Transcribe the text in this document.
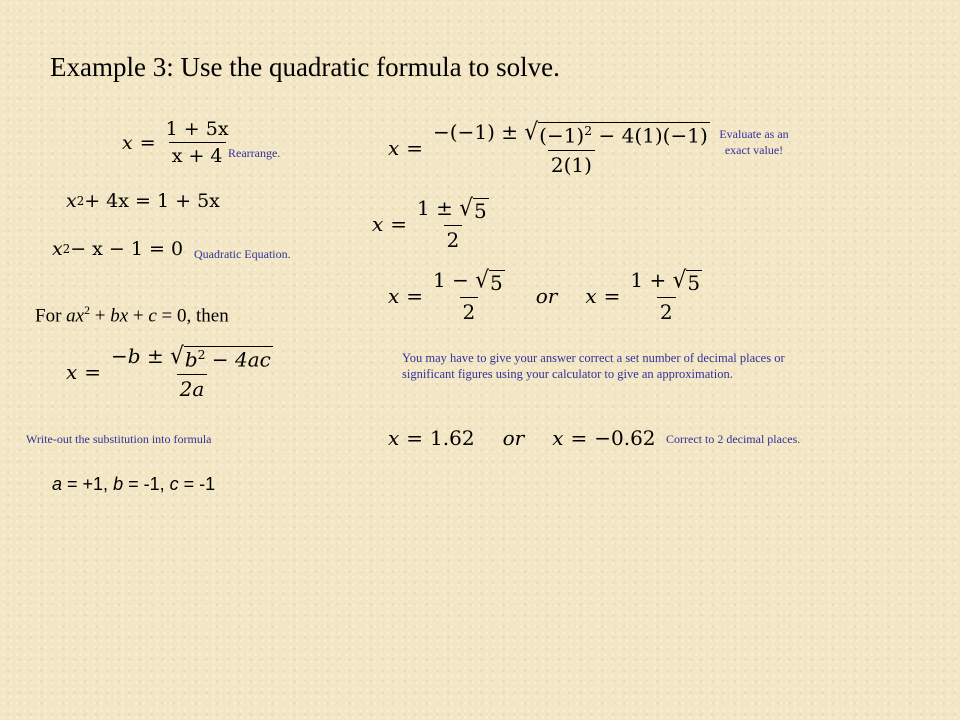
Example 3: Use the quadratic formula to solve.
$x = \frac{1 + 5x}{x + 4}$
Rearrange.
x 2 + 4x = 1 + 5x
x 2 − x − 1 = 0 Quadratic Equation.
For $ax^2$ + bx + c = 0, then
$x = \frac{-b \pm √ b^2 - 4ac}{2a}$
Write-out the substitution into formula
a = +1, b = -1, c = -1
Evaluate as an
exact value!
$x = \frac{-(-1) \pm √ (-1)^2 - 4(1)(-1)}{2(1)}$
$x = \frac{1 \pm √ 5}{2}$
$x = \frac{1 - √ 5}{2}$ or $x = \frac{1 + √ 5}{2}$
You may have to give your answer correct a set number of decimal places or significant figures using your calculator to give an approximation.
x = 1.62 or x = −0.62 Correct to 2 decimal places.
